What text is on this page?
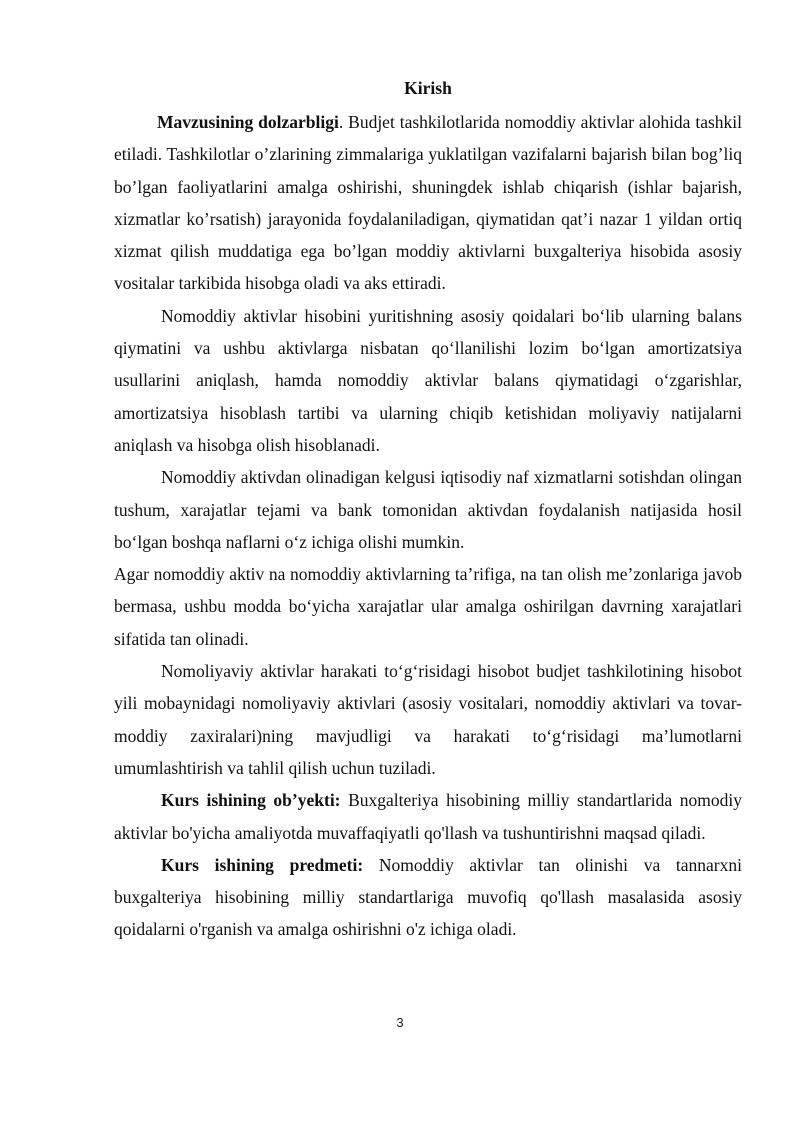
Kirish

Mavzusining dolzarbligi. Budjet tashkilotlarida nomoddiy aktivlar alohida tashkil etiladi. Tashkilotlar o’zlarining zimmalariga yuklatilgan vazifalarni bajarish bilan bog’liq bo’lgan faoliyatlarini amalga oshirishi, shuningdek ishlab chiqarish (ishlar bajarish, xizmatlar ko’rsatish) jarayonida foydalaniladigan, qiymatidan qat’i nazar 1 yildan ortiq xizmat qilish muddatiga ega bo’lgan moddiy aktivlarni buxgalteriya hisobida asosiy vositalar tarkibida hisobga oladi va aks ettiradi.

Nomoddiy aktivlar hisobini yuritishning asosiy qoidalari bo‘lib ularning balans qiymatini va ushbu aktivlarga nisbatan qo‘llanilishi lozim bo‘lgan amortizatsiya usullarini aniqlash, hamda nomoddiy aktivlar balans qiymatidagi o‘zgarishlar, amortizatsiya hisoblash tartibi va ularning chiqib ketishidan moliyaviy natijalarni aniqlash va hisobga olish hisoblanadi.

Nomoddiy aktivdan olinadigan kelgusi iqtisodiy naf xizmatlarni sotishdan olingan tushum, xarajatlar tejami va bank tomonidan aktivdan foydalanish natijasida hosil bo‘lgan boshqa naflarni o‘z ichiga olishi mumkin.

Agar nomoddiy aktiv na nomoddiy aktivlarning ta’rifiga, na tan olish me’zonlariga javob bermasa, ushbu modda bo‘yicha xarajatlar ular amalga oshirilgan davrning xarajatlari sifatida tan olinadi.

Nomoliyaviy aktivlar harakati to‘g‘risidagi hisobot budjet tashkilotining hisobot yili mobaynidagi nomoliyaviy aktivlari (asosiy vositalari, nomoddiy aktivlari va tovar-moddiy zaxiralari)ning mavjudligi va harakati to‘g‘risidagi ma’lumotlarni umumlashtirish va tahlil qilish uchun tuziladi.

Kurs ishining ob’yekti: Buxgalteriya hisobining milliy standartlarida nomodiy aktivlar bo'yicha amaliyotda muvaffaqiyatli qo'llash va tushuntirishni maqsad qiladi.

Kurs ishining predmeti: Nomoddiy aktivlar tan olinishi va tannarxni buxgalteriya hisobining milliy standartlariga muvofiq qo'llash masalasida asosiy qoidalarni o'rganish va amalga oshirishni o'z ichiga oladi.

3
